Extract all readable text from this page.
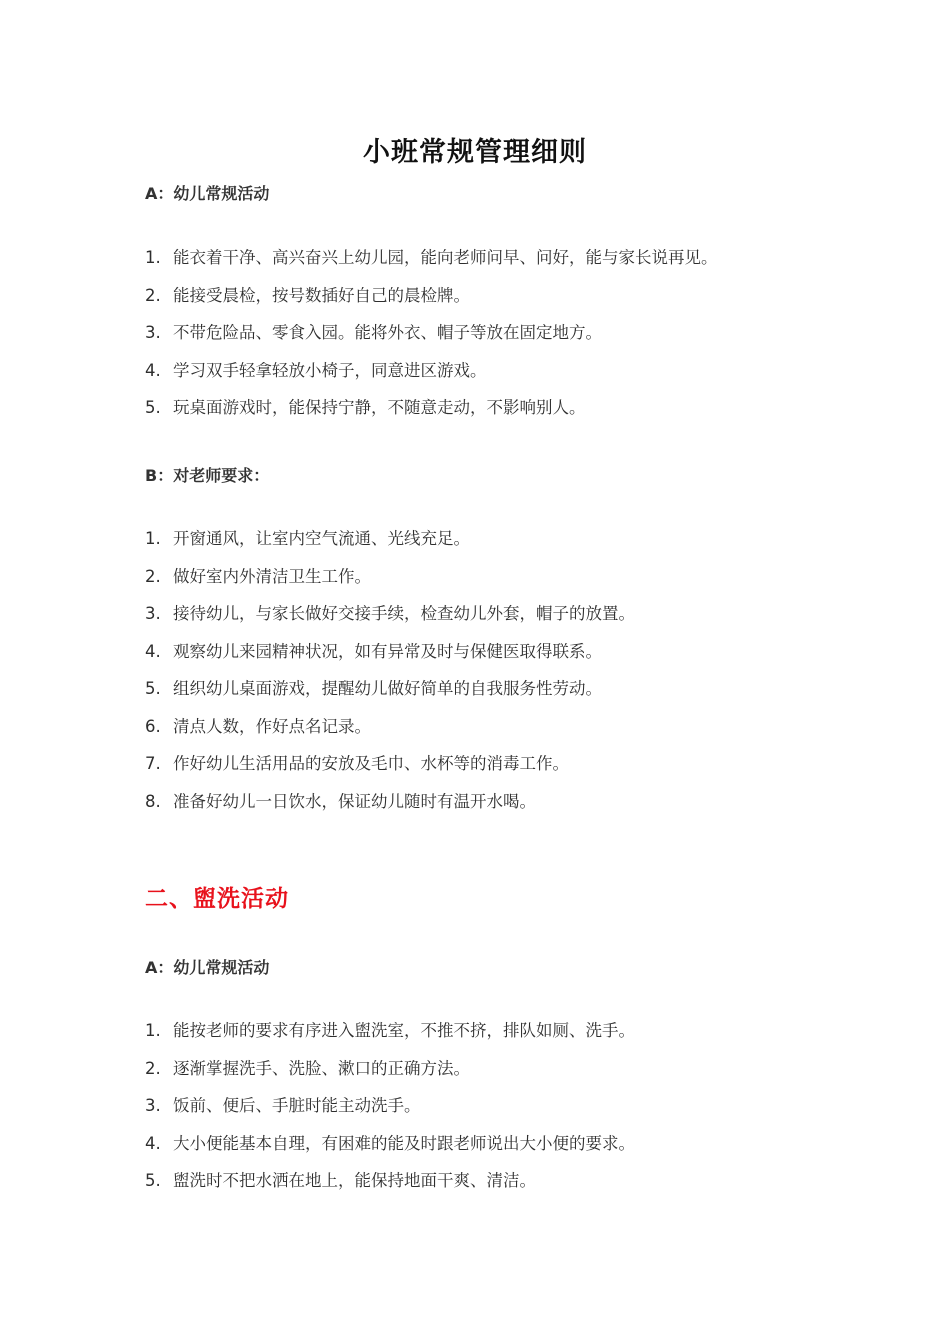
小班常规管理细则
A：幼儿常规活动
1. 能衣着干净、高兴奋兴上幼儿园，能向老师问早、问好，能与家长说再见。
2. 能接受晨检，按号数插好自己的晨检牌。
3. 不带危险品、零食入园。能将外衣、帽子等放在固定地方。
4. 学习双手轻拿轻放小椅子，同意进区游戏。
5. 玩桌面游戏时，能保持宁静，不随意走动，不影响别人。
B：对老师要求：
1. 开窗通风，让室内空气流通、光线充足。
2. 做好室内外清洁卫生工作。
3. 接待幼儿，与家长做好交接手续，检查幼儿外套，帽子的放置。
4. 观察幼儿来园精神状况，如有异常及时与保健医取得联系。
5. 组织幼儿桌面游戏，提醒幼儿做好简单的自我服务性劳动。
6. 清点人数，作好点名记录。
7. 作好幼儿生活用品的安放及毛巾、水杯等的消毒工作。
8. 准备好幼儿一日饮水，保证幼儿随时有温开水喝。
二、盥洗活动
A：幼儿常规活动
1. 能按老师的要求有序进入盥洗室，不推不挤，排队如厕、洗手。
2. 逐渐掌握洗手、洗脸、漱口的正确方法。
3. 饭前、便后、手脏时能主动洗手。
4. 大小便能基本自理，有困难的能及时跟老师说出大小便的要求。
5. 盥洗时不把水洒在地上，能保持地面干爽、清洁。
